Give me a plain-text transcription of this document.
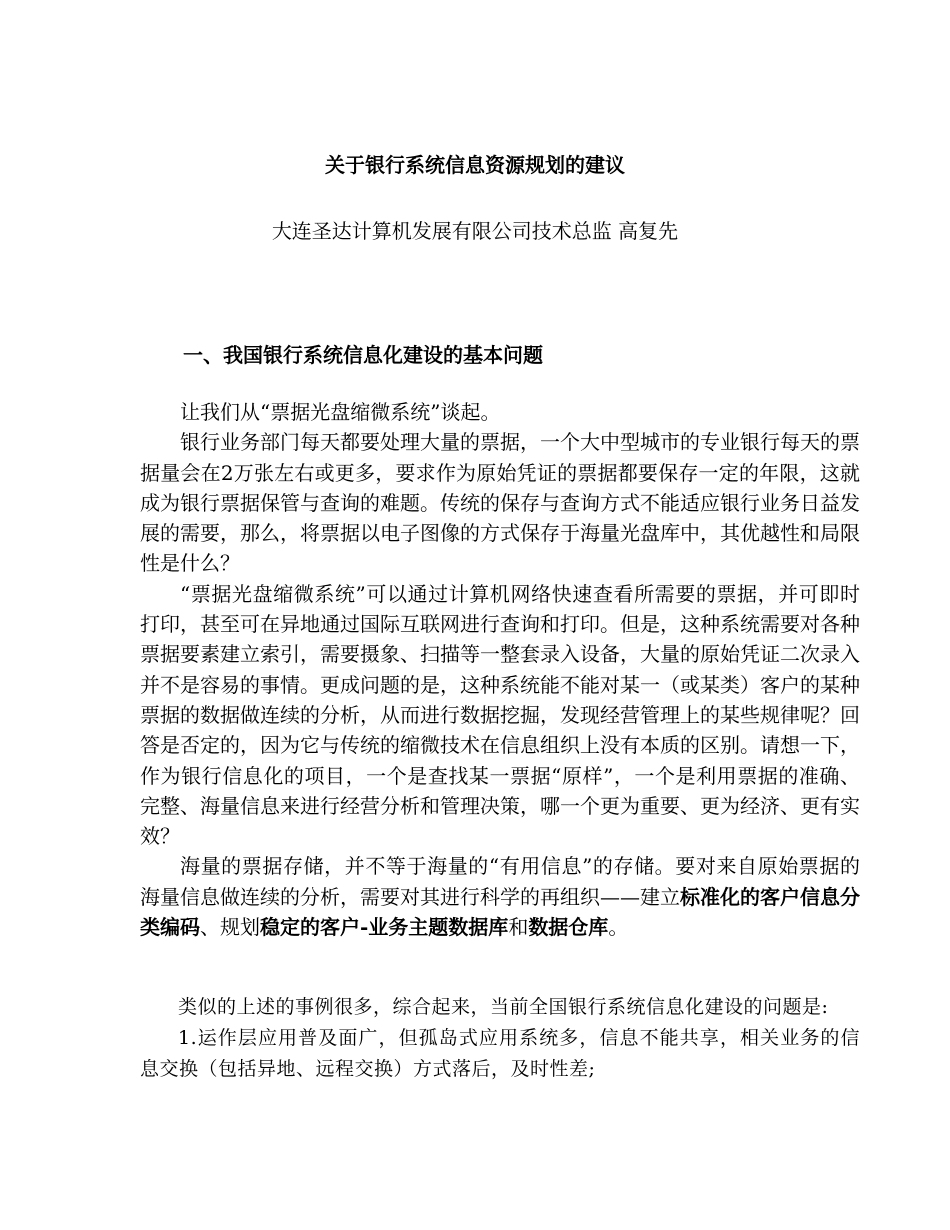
关于银行系统信息资源规划的建议
大连圣达计算机发展有限公司技术总监 高复先
一、我国银行系统信息化建设的基本问题

让我们从“票据光盘缩微系统”谈起。

银行业务部门每天都要处理大量的票据，一个大中型城市的专业银行每天的票据量会在2万张左右或更多，要求作为原始凭证的票据都要保存一定的年限，这就成为银行票据保管与查询的难题。传统的保存与查询方式不能适应银行业务日益发展的需要，那么，将票据以电子图像的方式保存于海量光盘库中，其优越性和局限性是什么？

“票据光盘缩微系统”可以通过计算机网络快速查看所需要的票据，并可即时打印，甚至可在异地通过国际互联网进行查询和打印。但是，这种系统需要对各种票据要素建立索引，需要摄象、扫描等一整套录入设备，大量的原始凭证二次录入并不是容易的事情。更成问题的是，这种系统能不能对某一（或某类）客户的某种票据的数据做连续的分析，从而进行数据挖掘，发现经营管理上的某些规律呢？回答是否定的，因为它与传统的缩微技术在信息组织上没有本质的区别。请想一下，作为银行信息化的项目，一个是查找某一票据“原样”，一个是利用票据的准确、完整、海量信息来进行经营分析和管理决策，哪一个更为重要、更为经济、更有实效？

海量的票据存储，并不等于海量的“有用信息”的存储。要对来自原始票据的海量信息做连续的分析，需要对其进行科学的再组织——建立标准化的客户信息分类编码、规划稳定的客户-业务主题数据库和数据仓库。

类似的上述的事例很多，综合起来，当前全国银行系统信息化建设的问题是:

1.运作层应用普及面广，但孤岛式应用系统多，信息不能共享，相关业务的信息交换（包括异地、远程交换）方式落后，及时性差;
